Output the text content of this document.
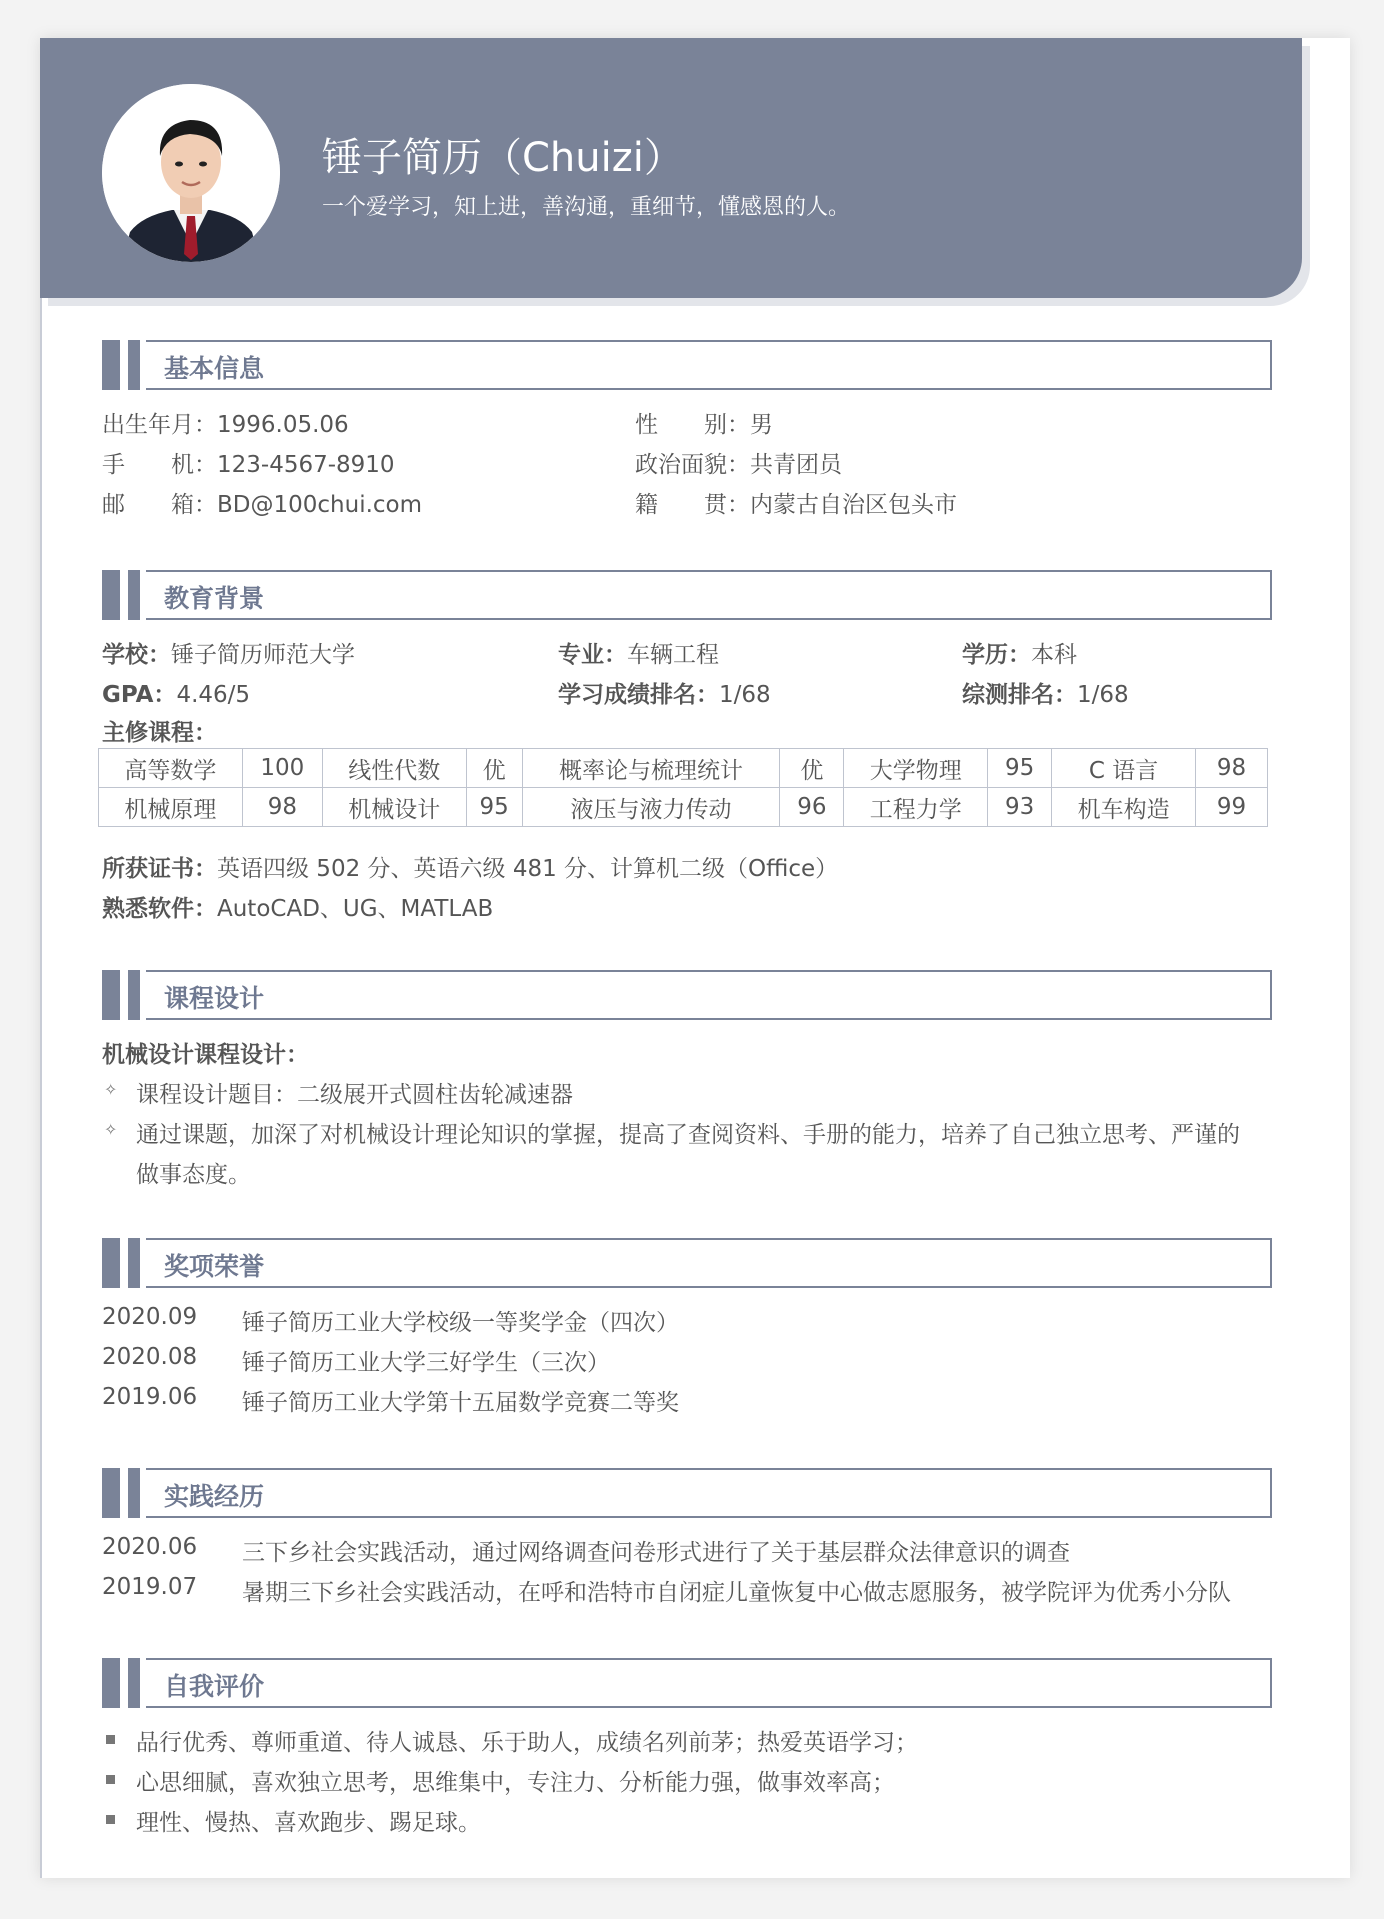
锤子简历（Chuizi）
一个爱学习，知上进，善沟通，重细节，懂感恩的人。
基本信息
出生年月：1996.05.06	性　　别：男
手　　机：123-4567-8910	政治面貌：共青团员
邮　　箱：BD@100chui.com	籍　　贯：内蒙古自治区包头市
教育背景
学校：锤子简历师范大学	专业：车辆工程	学历：本科
GPA：4.46/5	学习成绩排名：1/68	综测排名：1/68
主修课程：
高等数学	100	线性代数	优	概率论与梳理统计	优	大学物理	95	C 语言	98
机械原理	98	机械设计	95	液压与液力传动	96	工程力学	93	机车构造	99
所获证书：英语四级 502 分、英语六级 481 分、计算机二级（Office）
熟悉软件：AutoCAD、UG、MATLAB
课程设计
机械设计课程设计：
✧ 课程设计题目：二级展开式圆柱齿轮减速器
✧ 通过课题，加深了对机械设计理论知识的掌握，提高了查阅资料、手册的能力，培养了自己独立思考、严谨的
做事态度。
奖项荣誉
2020.09 锤子简历工业大学校级一等奖学金（四次）
2020.08 锤子简历工业大学三好学生（三次）
2019.06 锤子简历工业大学第十五届数学竞赛二等奖
实践经历
2020.06 三下乡社会实践活动，通过网络调查问卷形式进行了关于基层群众法律意识的调查
2019.07 暑期三下乡社会实践活动，在呼和浩特市自闭症儿童恢复中心做志愿服务，被学院评为优秀小分队
自我评价
品行优秀、尊师重道、待人诚恳、乐于助人，成绩名列前茅；热爱英语学习；
心思细腻，喜欢独立思考，思维集中，专注力、分析能力强，做事效率高；
理性、慢热、喜欢跑步、踢足球。
